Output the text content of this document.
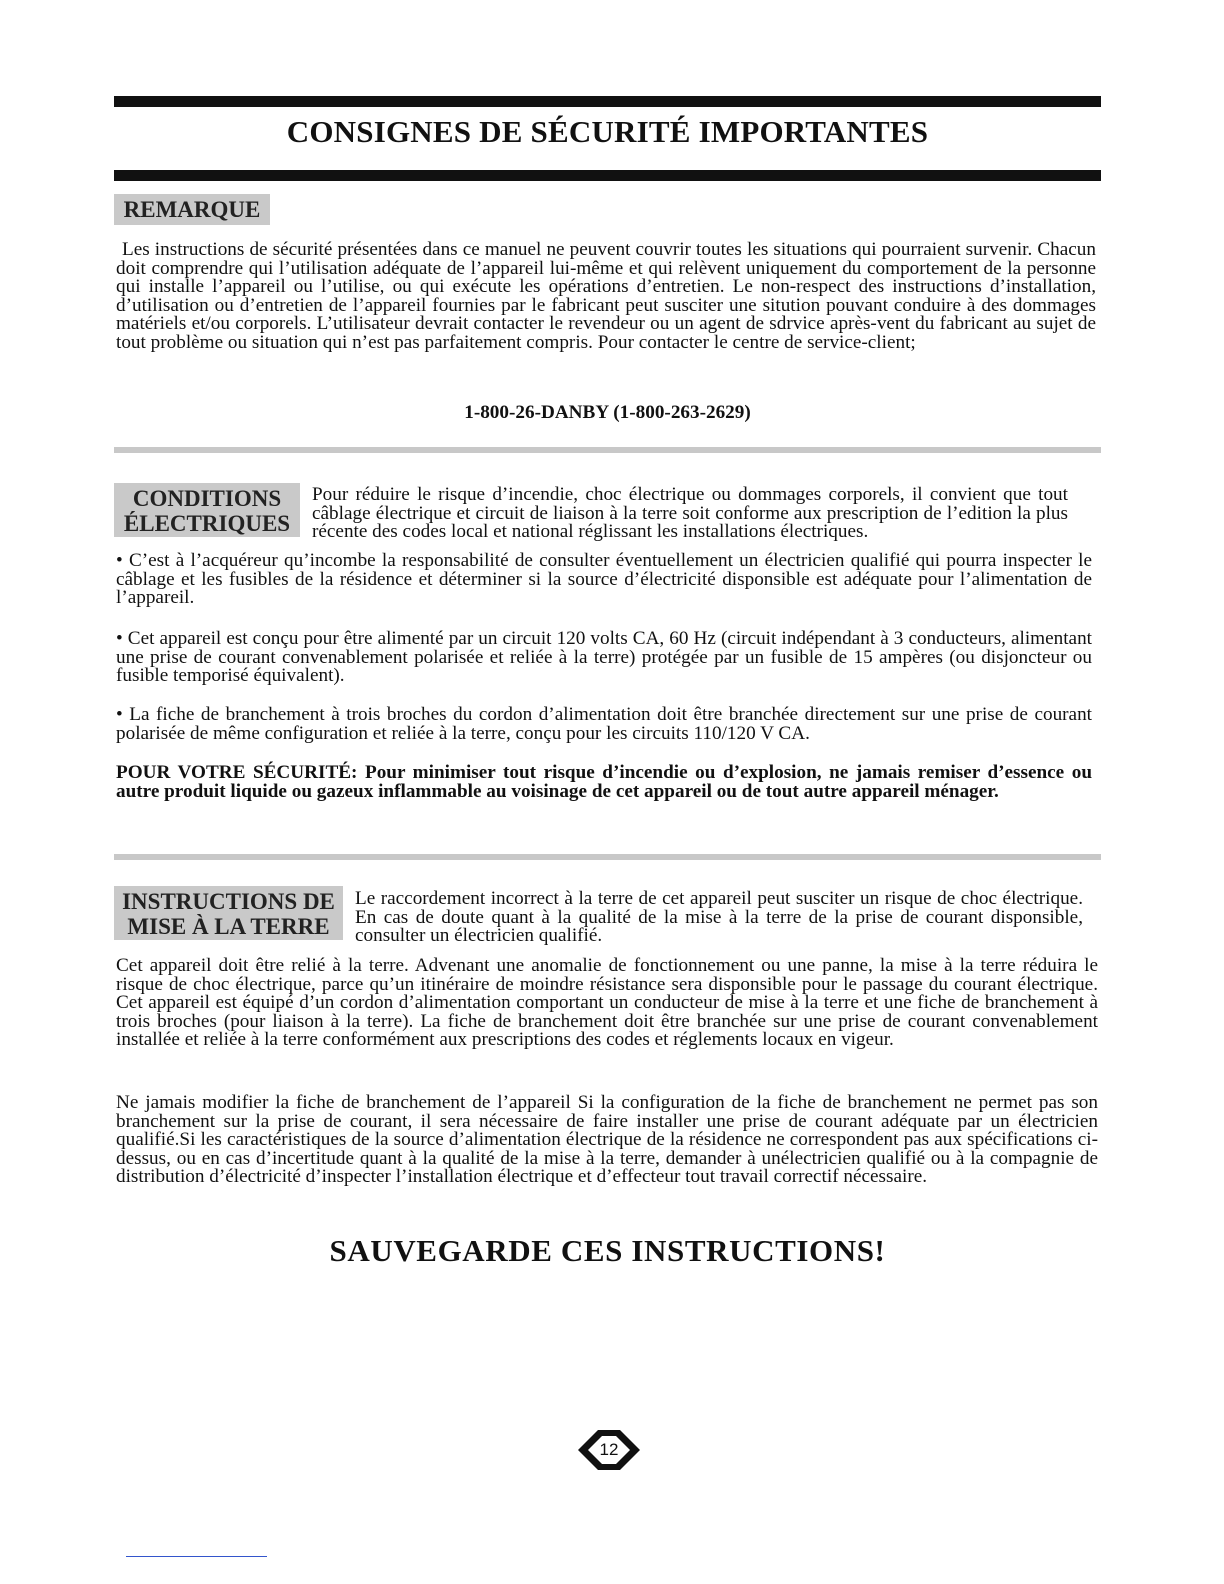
CONSIGNES DE SÉCURITÉ IMPORTANTES
REMARQUE

Les instructions de sécurité présentées dans ce manuel ne peuvent couvrir toutes les situations qui pourraient survenir. Chacun doit comprendre qui l’utilisation adéquate de l’appareil lui-même et qui relèvent uniquement du comportement de la personne qui installe l’appareil ou l’utilise, ou qui exécute les opérations d’entretien. Le non-respect des instructions d’installation, d’utilisation ou d’entretien de l’appareil fournies par le fabricant peut susciter une sitution pouvant conduire à des dommages matériels et/ou corporels. L’utilisateur devrait contacter le revendeur ou un agent de sdrvice après-vent du fabricant au sujet de tout problème ou situation qui n’est pas parfaitement compris. Pour contacter le centre de service-client;

1-800-26-DANBY (1-800-263-2629)
CONDITIONS
ÉLECTRIQUES

Pour réduire le risque d’incendie, choc électrique ou dommages corporels, il convient que tout câblage électrique et circuit de liaison à la terre soit conforme aux prescription de l’edition la plus récente des codes local et national réglissant les installations électriques.

• C’est à l’acquéreur qu’incombe la responsabilité de consulter éventuellement un électricien qualifié qui pourra inspecter le câblage et les fusibles de la résidence et déterminer si la source d’électricité disponsible est adéquate pour l’alimentation de l’appareil.

• Cet appareil est conçu pour être alimenté par un circuit 120 volts CA, 60 Hz (circuit indépendant à 3 conducteurs, alimentant une prise de courant convenablement polarisée et reliée à la terre) protégée par un fusible de 15 ampères (ou disjoncteur ou fusible temporisé équivalent).

• La fiche de branchement à trois broches du cordon d’alimentation doit être branchée directement sur une prise de courant polarisée de même configuration et reliée à la terre, conçu pour les circuits 110/120 V CA.

POUR VOTRE SÉCURITÉ: Pour minimiser tout risque d’incendie ou d’explosion, ne jamais remiser d’essence ou autre produit liquide ou gazeux inflammable au voisinage de cet appareil ou de tout autre appareil ménager.

INSTRUCTIONS DE
MISE À LA TERRE

Le raccordement incorrect à la terre de cet appareil peut susciter un risque de choc électrique. En cas de doute quant à la qualité de la mise à la terre de la prise de courant disponsible, consulter un électricien qualifié.

Cet appareil doit être relié à la terre. Advenant une anomalie de fonctionnement ou une panne, la mise à la terre réduira le risque de choc électrique, parce qu’un itinéraire de moindre résistance sera disponsible pour le passage du courant électrique. Cet appareil est équipé d’un cordon d’alimentation comportant un conducteur de mise à la terre et une fiche de branchement à trois broches (pour liaison à la terre). La fiche de branchement doit être branchée sur une prise de courant convenablement installée et reliée à la terre conformément aux prescriptions des codes et réglements locaux en vigeur.

Ne jamais modifier la fiche de branchement de l’appareil Si la configuration de la fiche de branchement ne permet pas son branchement sur la prise de courant, il sera nécessaire de faire installer une prise de courant adéquate par un électricien qualifié.Si les caractéristiques de la source d’alimentation électrique de la résidence ne correspondent pas aux spécifications ci-dessus, ou en cas d’incertitude quant à la qualité de la mise à la terre, demander à unélectricien qualifié ou à la compagnie de distribution d’électricité d’inspecter l’installation électrique et d’effecteur tout travail correctif nécessaire.

SAUVEGARDE CES INSTRUCTIONS!
12
